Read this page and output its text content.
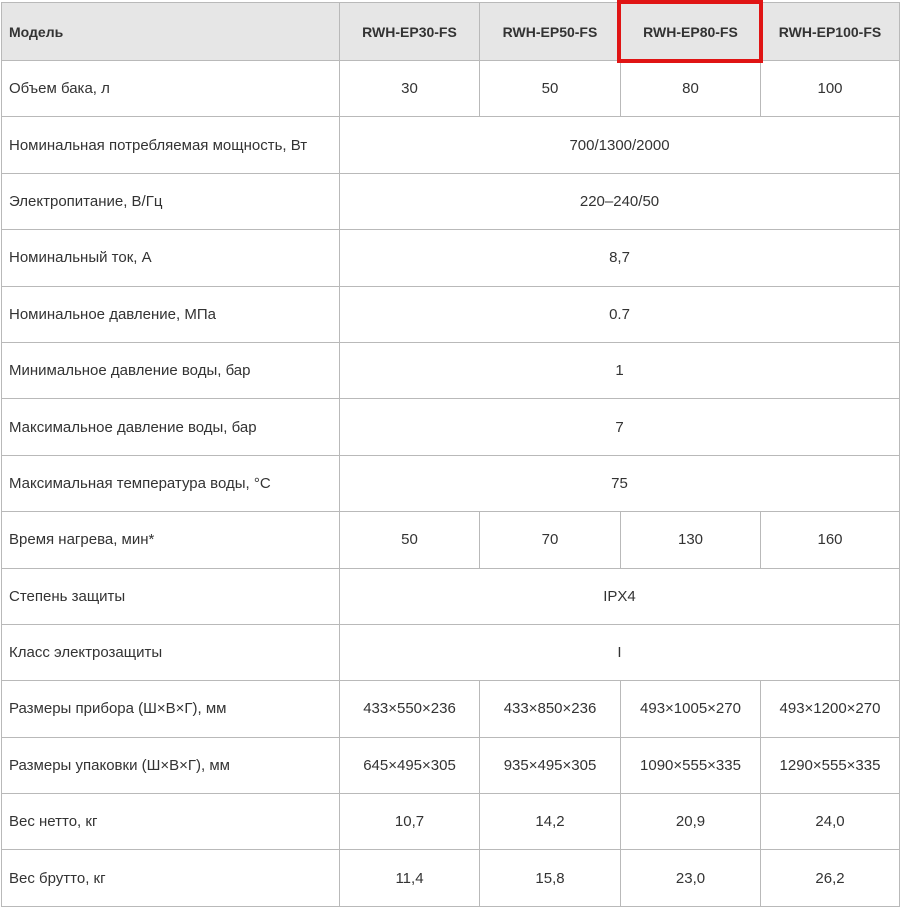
Модель	RWH-EP30-FS	RWH-EP50-FS	RWH-EP80-FS	RWH-EP100-FS
Объем бака, л	30	50	80	100
Номинальная потребляемая мощность, Вт	700/1300/2000			
Электропитание, В/Гц	220–240/50			
Номинальный ток, А	8,7			
Номинальное давление, МПа	0.7			
Минимальное давление воды, бар	1			
Максимальное давление воды, бар	7			
Максимальная температура воды, °C	75			
Время нагрева, мин*	50	70	130	160
Степень защиты	IPX4			
Класс электрозащиты	I			
Размеры прибора (Ш×В×Г), мм	433×550×236	433×850×236	493×1005×270	493×1200×270
Размеры упаковки (Ш×В×Г), мм	645×495×305	935×495×305	1090×555×335	1290×555×335
Вес нетто, кг	10,7	14,2	20,9	24,0
Вес брутто, кг	11,4	15,8	23,0	26,2
